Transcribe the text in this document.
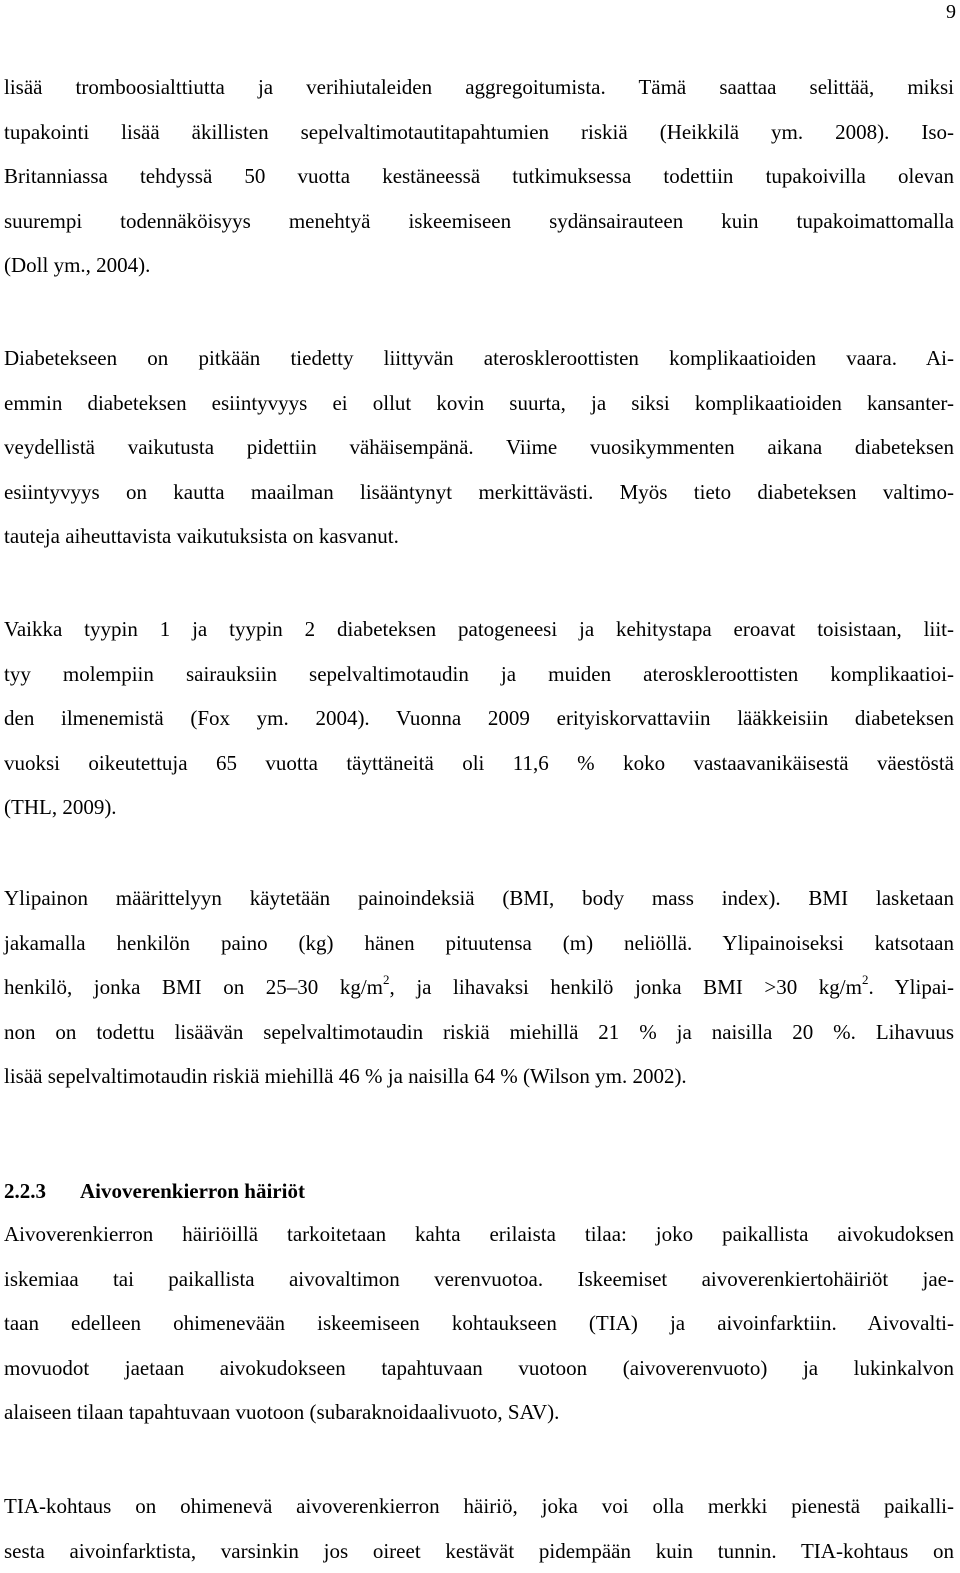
9
lisää tromboosialttiutta ja verihiutaleiden aggregoitumista. Tämä saattaa selittää, miksi
tupakointi lisää äkillisten sepelvaltimotautitapahtumien riskiä (Heikkilä ym. 2008). Iso-
Britanniassa tehdyssä 50 vuotta kestäneessä tutkimuksessa todettiin tupakoivilla olevan
suurempi todennäköisyys menehtyä iskeemiseen sydänsairauteen kuin tupakoimattomalla
(Doll ym., 2004).
Diabetekseen on pitkään tiedetty liittyvän ateroskleroottisten komplikaatioiden vaara. Ai-
emmin diabeteksen esiintyvyys ei ollut kovin suurta, ja siksi komplikaatioiden kansanter-
veydellistä vaikutusta pidettiin vähäisempänä. Viime vuosikymmenten aikana diabeteksen
esiintyvyys on kautta maailman lisääntynyt merkittävästi. Myös tieto diabeteksen valtimo-
tauteja aiheuttavista vaikutuksista on kasvanut.
Vaikka tyypin 1 ja tyypin 2 diabeteksen patogeneesi ja kehitystapa eroavat toisistaan, liit-
tyy molempiin sairauksiin sepelvaltimotaudin ja muiden ateroskleroottisten komplikaatioi-
den ilmenemistä (Fox ym. 2004). Vuonna 2009 erityiskorvattaviin lääkkeisiin diabeteksen
vuoksi oikeutettuja 65 vuotta täyttäneitä oli 11,6 % koko vastaavanikäisestä väestöstä
(THL, 2009).
Ylipainon määrittelyyn käytetään painoindeksiä (BMI, body mass index). BMI lasketaan
jakamalla henkilön paino (kg) hänen pituutensa (m) neliöllä. Ylipainoiseksi katsotaan
henkilö, jonka BMI on 25–30 $kg/m^2$, ja lihavaksi henkilö jonka BMI >30 $kg/m^2$. Ylipai-
non on todettu lisäävän sepelvaltimotaudin riskiä miehillä 21 % ja naisilla 20 %. Lihavuus
lisää sepelvaltimotaudin riskiä miehillä 46 % ja naisilla 64 % (Wilson ym. 2002).
2.2.3 Aivoverenkierron häiriöt
Aivoverenkierron häiriöillä tarkoitetaan kahta erilaista tilaa: joko paikallista aivokudoksen
iskemiaa tai paikallista aivovaltimon verenvuotoa. Iskeemiset aivoverenkiertohäiriöt jae-
taan edelleen ohimenevään iskeemiseen kohtaukseen (TIA) ja aivoinfarktiin. Aivovalti-
movuodot jaetaan aivokudokseen tapahtuvaan vuotoon (aivoverenvuoto) ja lukinkalvon
alaiseen tilaan tapahtuvaan vuotoon (subaraknoidaalivuoto, SAV).
TIA-kohtaus on ohimenevä aivoverenkierron häiriö, joka voi olla merkki pienestä paikalli-
sesta aivoinfarktista, varsinkin jos oireet kestävät pidempään kuin tunnin. TIA-kohtaus on
